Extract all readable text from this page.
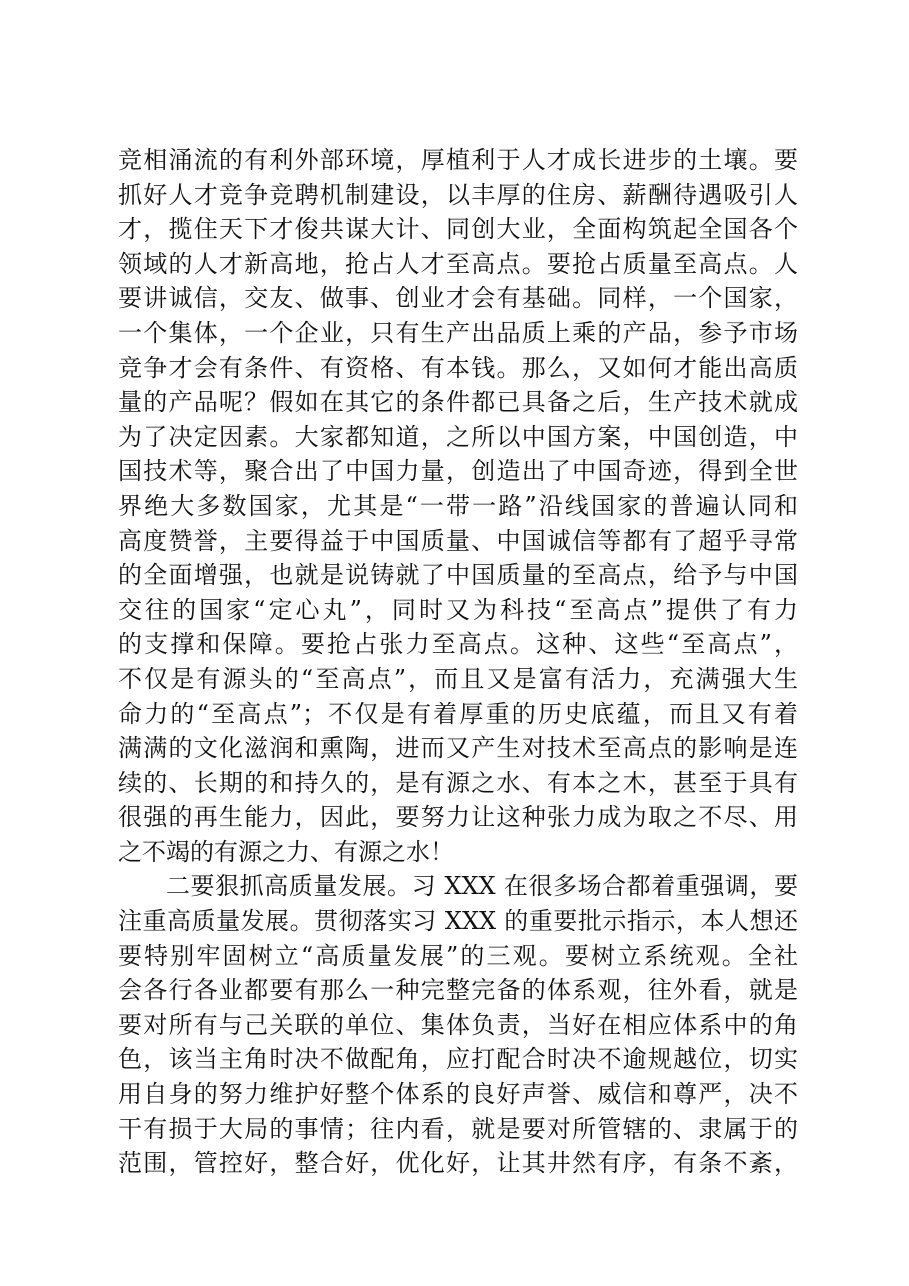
竞相涌流的有利外部环境，厚植利于人才成长进步的土壤。要
抓好人才竞争竞聘机制建设，以丰厚的住房、薪酬待遇吸引人
才，揽住天下才俊共谋大计、同创大业，全面构筑起全国各个
领域的人才新高地，抢占人才至高点。要抢占质量至高点。人
要讲诚信，交友、做事、创业才会有基础。同样，一个国家，
一个集体，一个企业，只有生产出品质上乘的产品，参予市场
竞争才会有条件、有资格、有本钱。那么，又如何才能出高质
量的产品呢？假如在其它的条件都已具备之后，生产技术就成
为了决定因素。大家都知道，之所以中国方案，中国创造，中
国技术等，聚合出了中国力量，创造出了中国奇迹，得到全世
界绝大多数国家，尤其是“一带一路”沿线国家的普遍认同和
高度赞誉，主要得益于中国质量、中国诚信等都有了超乎寻常
的全面增强，也就是说铸就了中国质量的至高点，给予与中国
交往的国家“定心丸”，同时又为科技“至高点”提供了有力
的支撑和保障。要抢占张力至高点。这种、这些“至高点”，
不仅是有源头的“至高点”，而且又是富有活力，充满强大生
命力的“至高点”；不仅是有着厚重的历史底蕴，而且又有着
满满的文化滋润和熏陶，进而又产生对技术至高点的影响是连
续的、长期的和持久的，是有源之水、有本之木，甚至于具有
很强的再生能力，因此，要努力让这种张力成为取之不尽、用
之不竭的有源之力、有源之水！
二要狠抓高质量发展。习 XXX 在很多场合都着重强调，要
注重高质量发展。贯彻落实习 XXX 的重要批示指示，本人想还
要特别牢固树立“高质量发展”的三观。要树立系统观。全社
会各行各业都要有那么一种完整完备的体系观，往外看，就是
要对所有与己关联的单位、集体负责，当好在相应体系中的角
色，该当主角时决不做配角，应打配合时决不逾规越位，切实
用自身的努力维护好整个体系的良好声誉、威信和尊严，决不
干有损于大局的事情；往内看，就是要对所管辖的、隶属于的
范围，管控好，整合好，优化好，让其井然有序，有条不紊，
